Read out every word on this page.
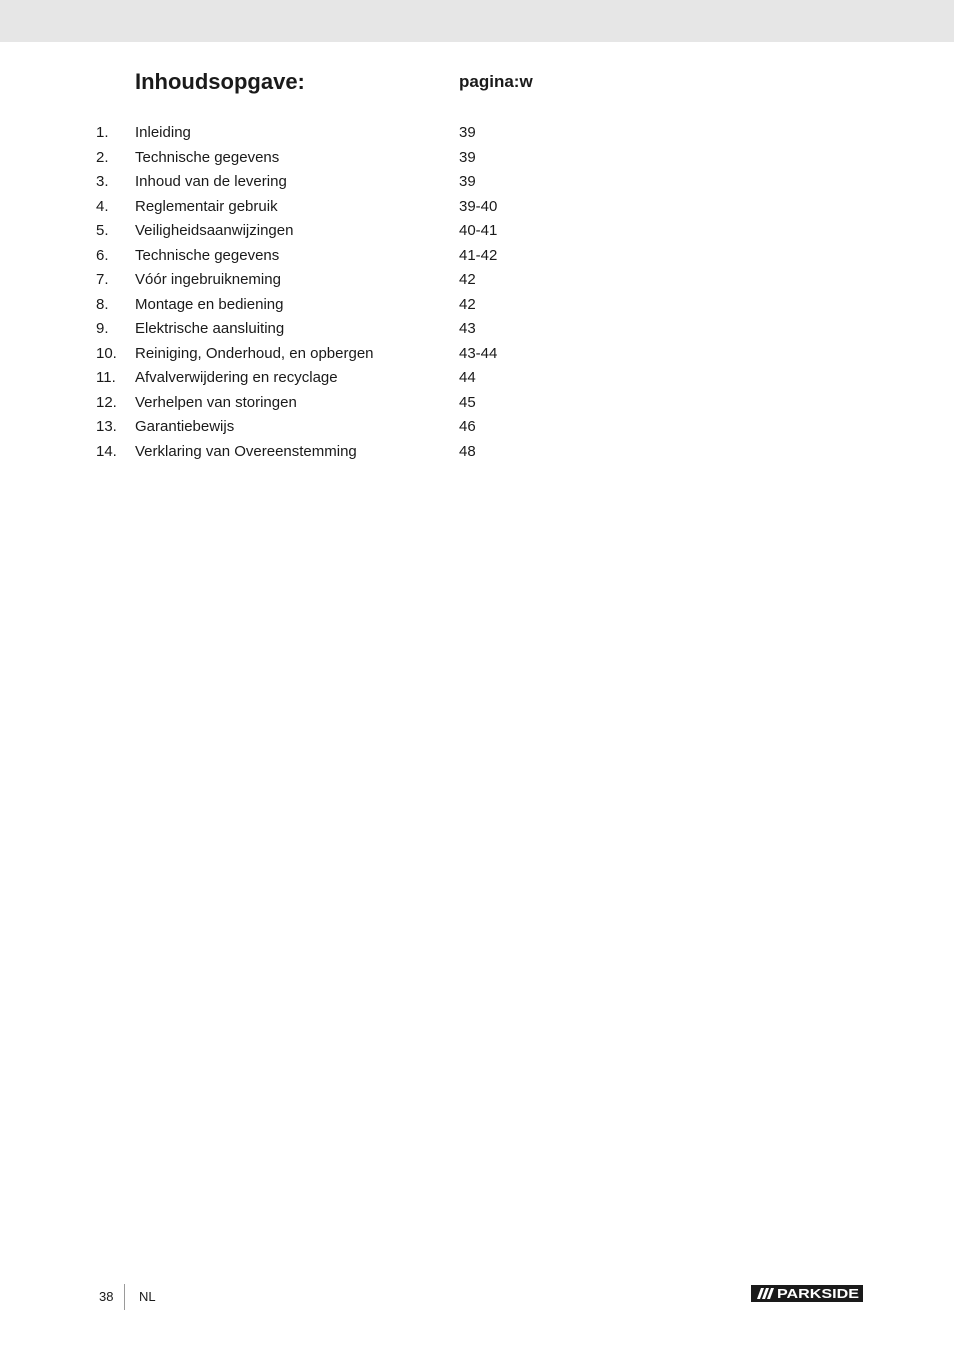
Inhoudsopgave:	pagina:w
1. Inleiding	39
2. Technische gegevens	39
3. Inhoud van de levering	39
4. Reglementair gebruik	39-40
5. Veiligheidsaanwijzingen	40-41
6. Technische gegevens	41-42
7. Vóór ingebruikneming	42
8. Montage en bediening	42
9. Elektrische aansluiting	43
10. Reiniging, Onderhoud, en opbergen	43-44
11. Afvalverwijdering en recyclage	44
12. Verhelpen van storingen	45
13. Garantiebewijs	46
14. Verklaring van Overeenstemming	48
38 NL	PARKSIDE
